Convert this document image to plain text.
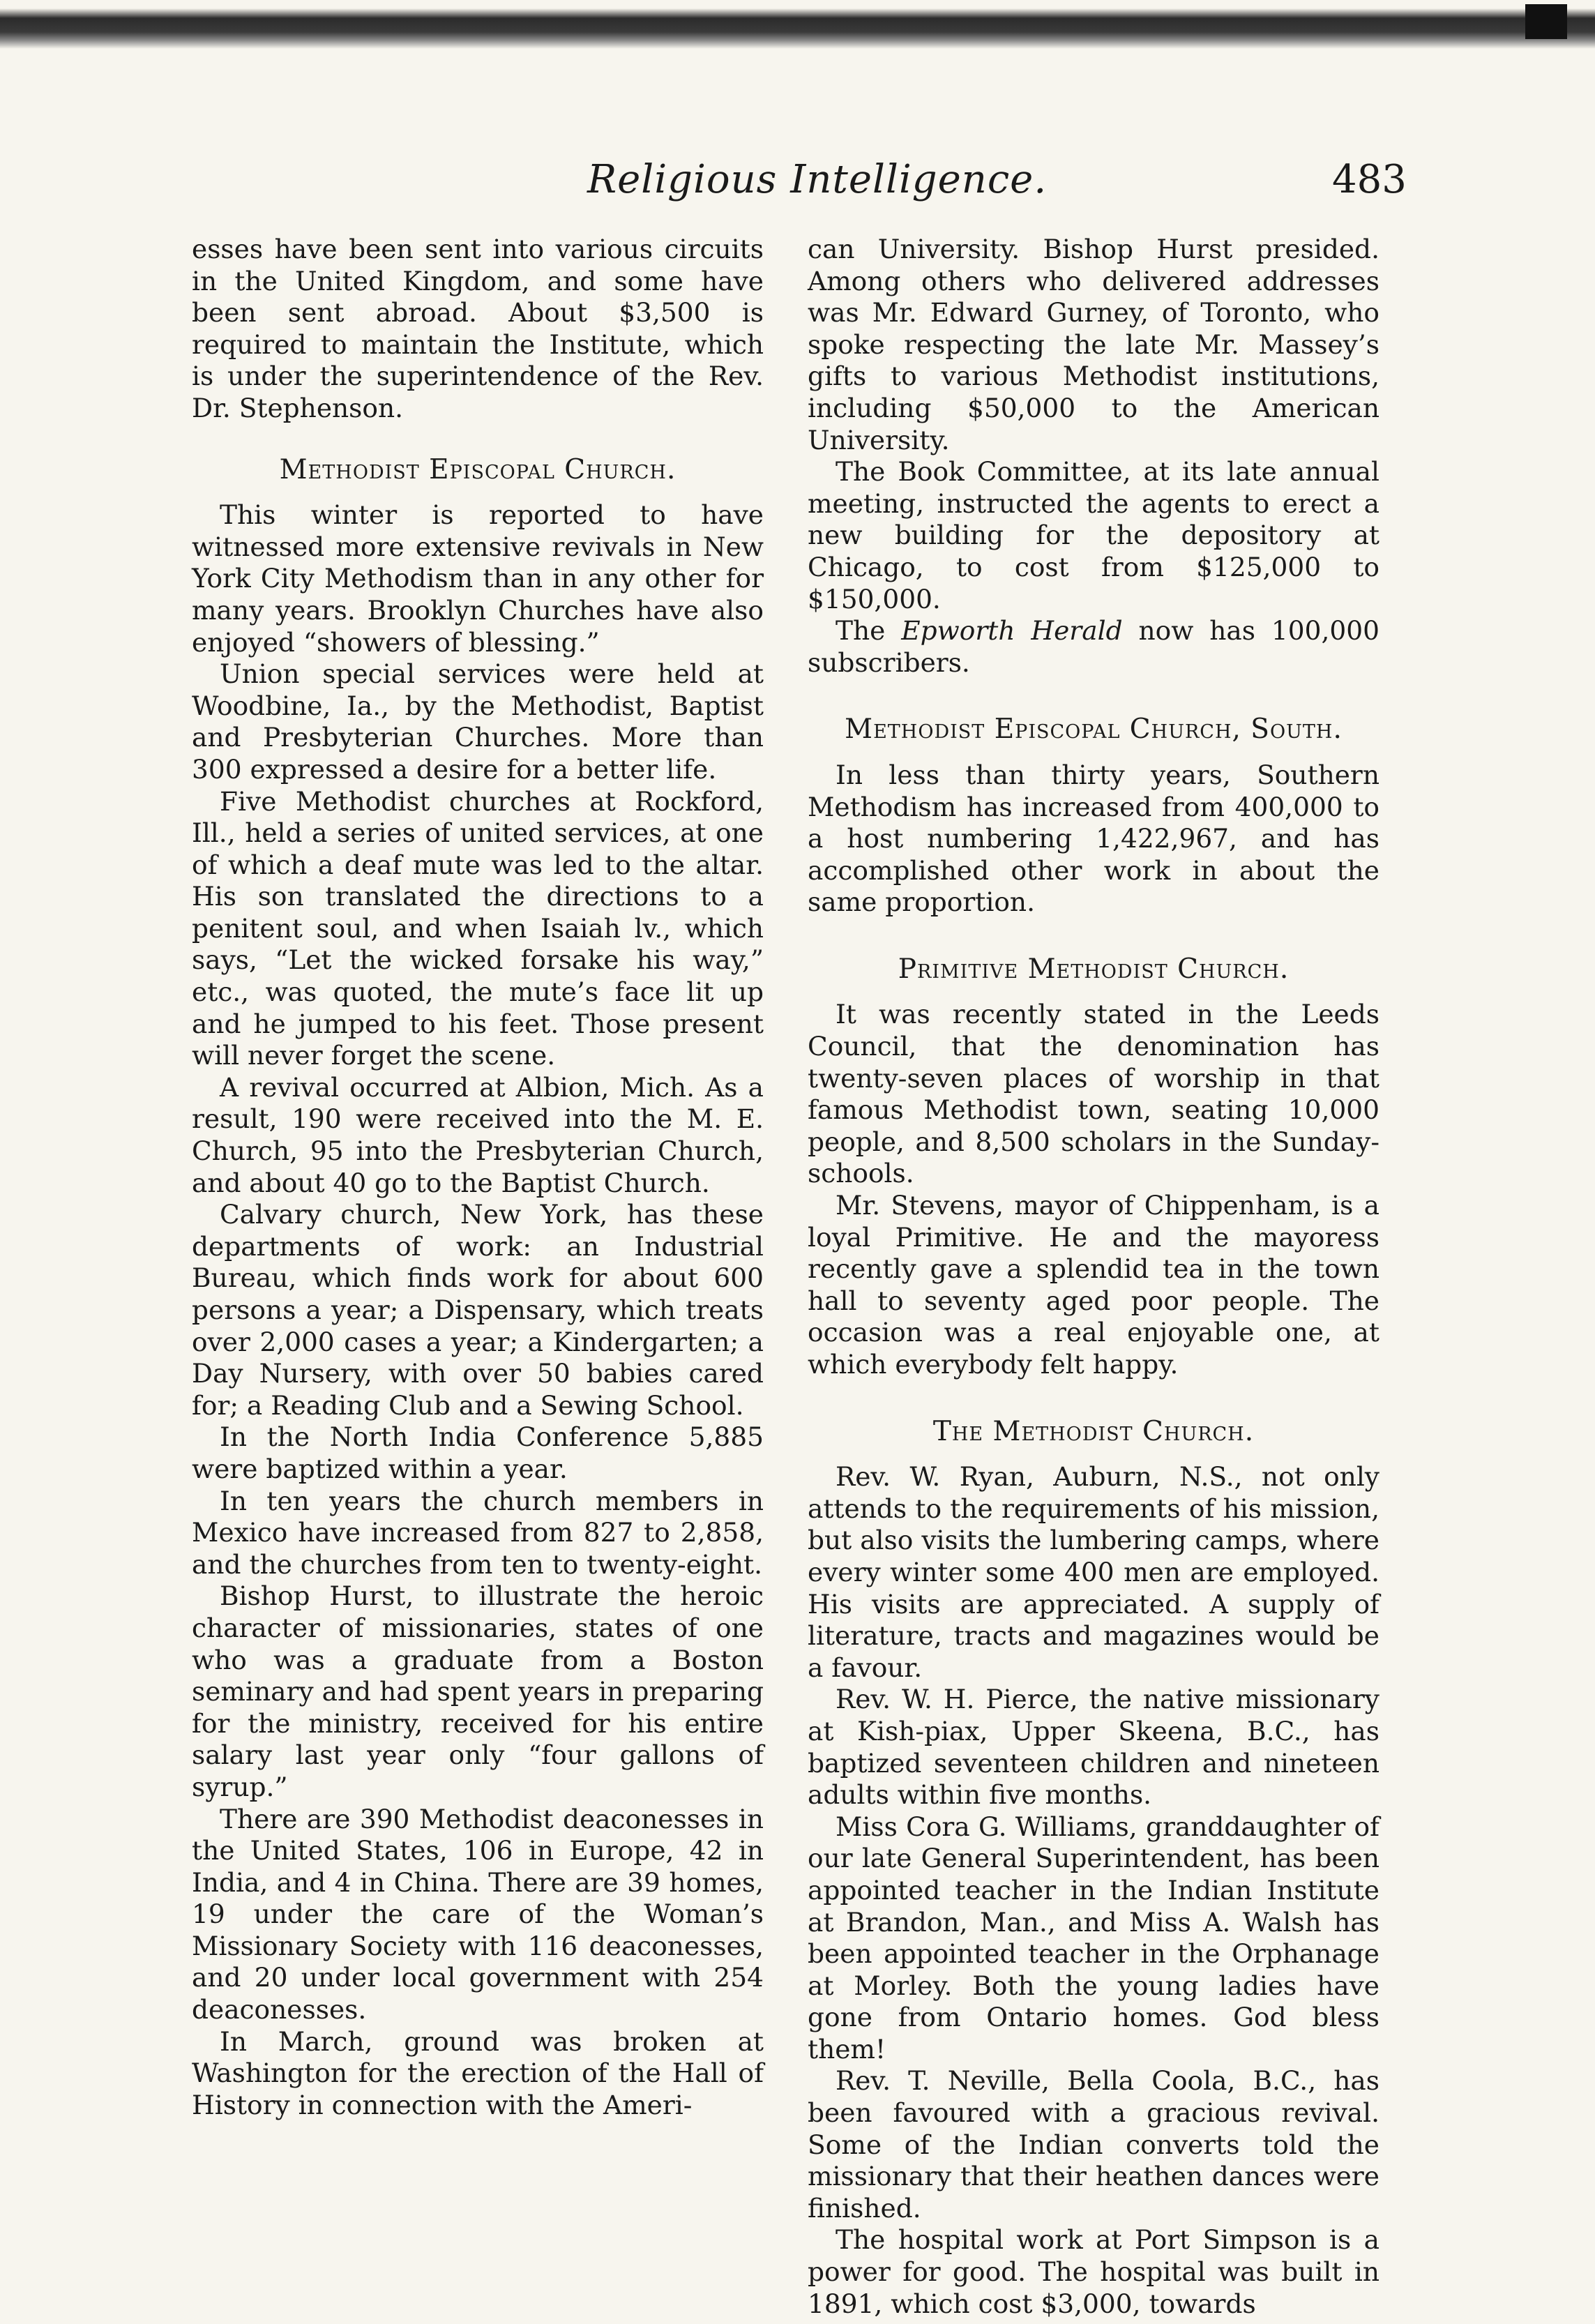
Religious Intelligence.	483

esses have been sent into various circuits in the United Kingdom, and some have been sent abroad. About $3,500 is required to maintain the Institute, which is under the superintendence of the Rev. Dr. Stephenson.

Methodist Episcopal Church.

This winter is reported to have witnessed more extensive revivals in New York City Methodism than in any other for many years. Brooklyn Churches have also enjoyed “showers of blessing.”

Union special services were held at Woodbine, Ia., by the Methodist, Baptist and Presbyterian Churches. More than 300 expressed a desire for a better life.

Five Methodist churches at Rockford, Ill., held a series of united services, at one of which a deaf mute was led to the altar. His son translated the directions to a penitent soul, and when Isaiah lv., which says, “Let the wicked forsake his way,” etc., was quoted, the mute’s face lit up and he jumped to his feet. Those present will never forget the scene.

A revival occurred at Albion, Mich. As a result, 190 were received into the M. E. Church, 95 into the Presbyterian Church, and about 40 go to the Baptist Church.

Calvary church, New York, has these departments of work: an Industrial Bureau, which finds work for about 600 persons a year; a Dispensary, which treats over 2,000 cases a year; a Kindergarten; a Day Nursery, with over 50 babies cared for; a Reading Club and a Sewing School.

In the North India Conference 5,885 were baptized within a year.

In ten years the church members in Mexico have increased from 827 to 2,858, and the churches from ten to twenty-eight.

Bishop Hurst, to illustrate the heroic character of missionaries, states of one who was a graduate from a Boston seminary and had spent years in preparing for the ministry, received for his entire salary last year only “four gallons of syrup.”

There are 390 Methodist deaconesses in the United States, 106 in Europe, 42 in India, and 4 in China. There are 39 homes, 19 under the care of the Woman’s Missionary Society with 116 deaconesses, and 20 under local government with 254 deaconesses.

In March, ground was broken at Washington for the erection of the Hall of History in connection with the Ameri-

can University. Bishop Hurst presided. Among others who delivered addresses was Mr. Edward Gurney, of Toronto, who spoke respecting the late Mr. Massey’s gifts to various Methodist institutions, including $50,000 to the American University.

The Book Committee, at its late annual meeting, instructed the agents to erect a new building for the depository at Chicago, to cost from $125,000 to $150,000.

The Epworth Herald now has 100,000 subscribers.

Methodist Episcopal Church, South.

In less than thirty years, Southern Methodism has increased from 400,000 to a host numbering 1,422,967, and has accomplished other work in about the same proportion.

Primitive Methodist Church.

It was recently stated in the Leeds Council, that the denomination has twenty-seven places of worship in that famous Methodist town, seating 10,000 people, and 8,500 scholars in the Sunday-schools.

Mr. Stevens, mayor of Chippenham, is a loyal Primitive. He and the mayoress recently gave a splendid tea in the town hall to seventy aged poor people. The occasion was a real enjoyable one, at which everybody felt happy.

The Methodist Church.

Rev. W. Ryan, Auburn, N.S., not only attends to the requirements of his mission, but also visits the lumbering camps, where every winter some 400 men are employed. His visits are appreciated. A supply of literature, tracts and magazines would be a favour.

Rev. W. H. Pierce, the native missionary at Kish-piax, Upper Skeena, B.C., has baptized seventeen children and nineteen adults within five months.

Miss Cora G. Williams, granddaughter of our late General Superintendent, has been appointed teacher in the Indian Institute at Brandon, Man., and Miss A. Walsh has been appointed teacher in the Orphanage at Morley. Both the young ladies have gone from Ontario homes. God bless them!

Rev. T. Neville, Bella Coola, B.C., has been favoured with a gracious revival. Some of the Indian converts told the missionary that their heathen dances were finished.

The hospital work at Port Simpson is a power for good. The hospital was built in 1891, which cost $3,000, towards
